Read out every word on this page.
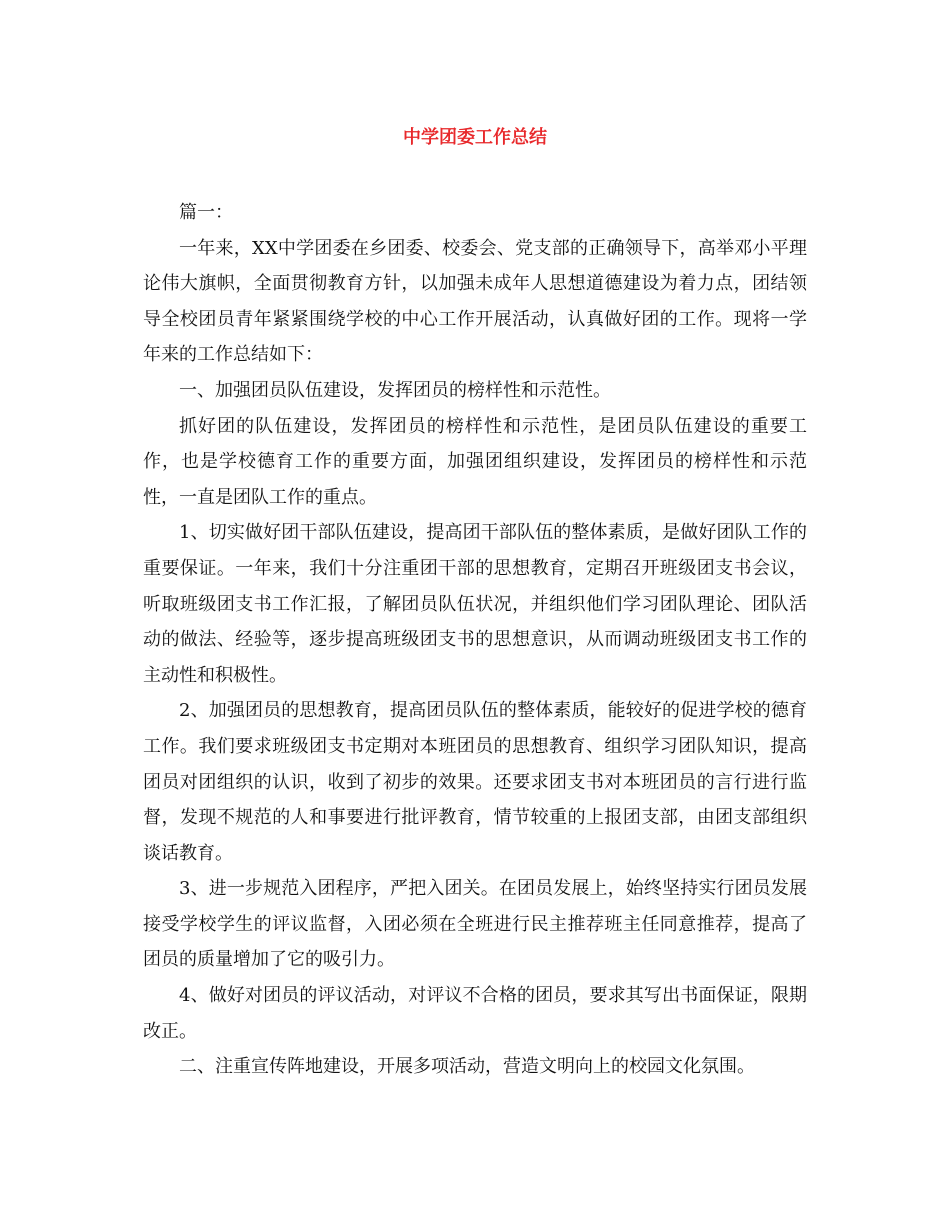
中学团委工作总结

篇一：

一年来，XX中学团委在乡团委、校委会、党支部的正确领导下，高举邓小平理论伟大旗帜，全面贯彻教育方针，以加强未成年人思想道德建设为着力点，团结领导全校团员青年紧紧围绕学校的中心工作开展活动，认真做好团的工作。现将一学年来的工作总结如下：

一、加强团员队伍建设，发挥团员的榜样性和示范性。

抓好团的队伍建设，发挥团员的榜样性和示范性，是团员队伍建设的重要工作，也是学校德育工作的重要方面，加强团组织建设，发挥团员的榜样性和示范性，一直是团队工作的重点。

1、切实做好团干部队伍建设，提高团干部队伍的整体素质，是做好团队工作的重要保证。一年来，我们十分注重团干部的思想教育，定期召开班级团支书会议，听取班级团支书工作汇报，了解团员队伍状况，并组织他们学习团队理论、团队活动的做法、经验等，逐步提高班级团支书的思想意识，从而调动班级团支书工作的主动性和积极性。

2、加强团员的思想教育，提高团员队伍的整体素质，能较好的促进学校的德育工作。我们要求班级团支书定期对本班团员的思想教育、组织学习团队知识，提高团员对团组织的认识，收到了初步的效果。还要求团支书对本班团员的言行进行监督，发现不规范的人和事要进行批评教育，情节较重的上报团支部，由团支部组织谈话教育。

3、进一步规范入团程序，严把入团关。在团员发展上，始终坚持实行团员发展接受学校学生的评议监督，入团必须在全班进行民主推荐班主任同意推荐，提高了团员的质量增加了它的吸引力。

4、做好对团员的评议活动，对评议不合格的团员，要求其写出书面保证，限期改正。

二、注重宣传阵地建设，开展多项活动，营造文明向上的校园文化氛围。
